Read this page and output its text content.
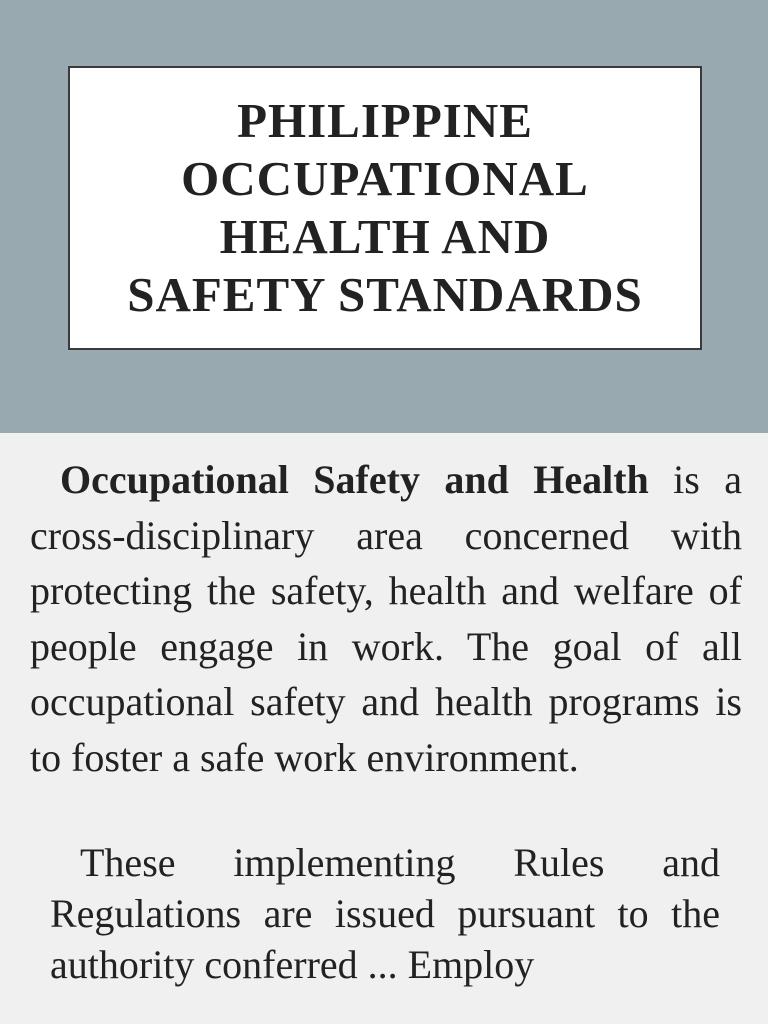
PHILIPPINE
OCCUPATIONAL
HEALTH AND
SAFETY STANDARDS

Occupational Safety and Health is a cross-disciplinary area concerned with protecting the safety, health and welfare of people engage in work. The goal of all occupational safety and health programs is to foster a safe work environment.

These implementing Rules and Regulations are issued pursuant to the authority conferred ... Employ
